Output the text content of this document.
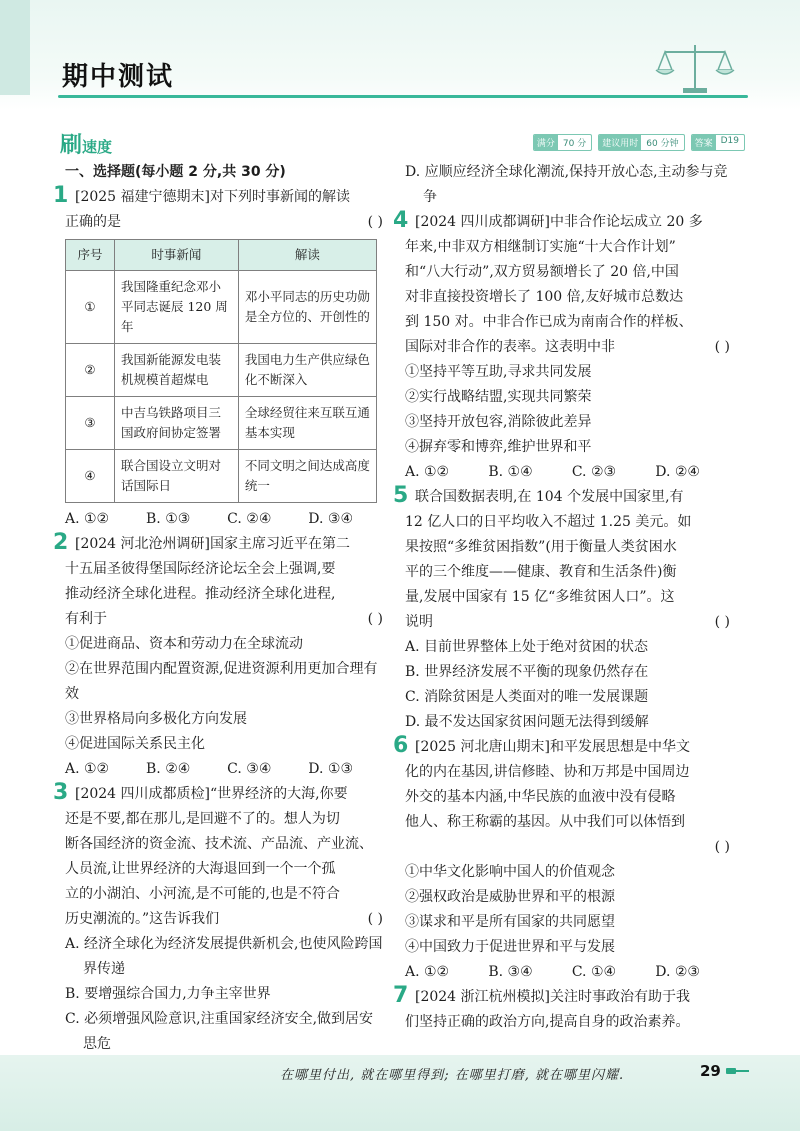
期中测试
刷速度	满分 70 分	建议用时 60 分钟	答案 D19
一、选择题(每小题 2 分,共 30 分)
1 [2025 福建宁德期末]对下列时事新闻的解读
正确的是	( )
序号	时事新闻	解读
①	我国隆重纪念邓小平同志诞辰 120 周年	邓小平同志的历史功勋是全方位的、开创性的
②	我国新能源发电装机规模首超煤电	我国电力生产供应绿色化不断深入
③	中吉乌铁路项目三国政府间协定签署	全球经贸往来互联互通基本实现
④	联合国设立文明对话国际日	不同文明之间达成高度统一
A. ①②	B. ①③	C. ②④	D. ③④
2 [2024 河北沧州调研]国家主席习近平在第二
十五届圣彼得堡国际经济论坛全会上强调,要
推动经济全球化进程。推动经济全球化进程,
有利于	( )
①促进商品、资本和劳动力在全球流动
②在世界范围内配置资源,促进资源利用更加合理有效
③世界格局向多极化方向发展
④促进国际关系民主化
A. ①②	B. ②④	C. ③④	D. ①③
3 [2024 四川成都质检]“世界经济的大海,你要
还是不要,都在那儿,是回避不了的。想人为切
断各国经济的资金流、技术流、产品流、产业流、
人员流,让世界经济的大海退回到一个一个孤
立的小湖泊、小河流,是不可能的,也是不符合
历史潮流的。”这告诉我们	( )
A. 经济全球化为经济发展提供新机会,也使风险跨国界传递
B. 要增强综合国力,力争主宰世界
C. 必须增强风险意识,注重国家经济安全,做到居安思危
D. 应顺应经济全球化潮流,保持开放心态,主动参与竞争
4 [2024 四川成都调研]中非合作论坛成立 20 多
年来,中非双方相继制订实施“十大合作计划”
和“八大行动”,双方贸易额增长了 20 倍,中国
对非直接投资增长了 100 倍,友好城市总数达
到 150 对。中非合作已成为南南合作的样板、
国际对非合作的表率。这表明中非	( )
①坚持平等互助,寻求共同发展
②实行战略结盟,实现共同繁荣
③坚持开放包容,消除彼此差异
④摒弃零和博弈,维护世界和平
A. ①②	B. ①④	C. ②③	D. ②④
5 联合国数据表明,在 104 个发展中国家里,有
12 亿人口的日平均收入不超过 1.25 美元。如
果按照“多维贫困指数”(用于衡量人类贫困水
平的三个维度——健康、教育和生活条件)衡
量,发展中国家有 15 亿“多维贫困人口”。这
说明	( )
A. 目前世界整体上处于绝对贫困的状态
B. 世界经济发展不平衡的现象仍然存在
C. 消除贫困是人类面对的唯一发展课题
D. 最不发达国家贫困问题无法得到缓解
6 [2025 河北唐山期末]和平发展思想是中华文
化的内在基因,讲信修睦、协和万邦是中国周边
外交的基本内涵,中华民族的血液中没有侵略
他人、称王称霸的基因。从中我们可以体悟到
( )
①中华文化影响中国人的价值观念
②强权政治是威胁世界和平的根源
③谋求和平是所有国家的共同愿望
④中国致力于促进世界和平与发展
A. ①②	B. ③④	C. ①④	D. ②③
7 [2024 浙江杭州模拟]关注时事政治有助于我
们坚持正确的政治方向,提高自身的政治素养。
在哪里付出, 就在哪里得到; 在哪里打磨, 就在哪里闪耀.	29
